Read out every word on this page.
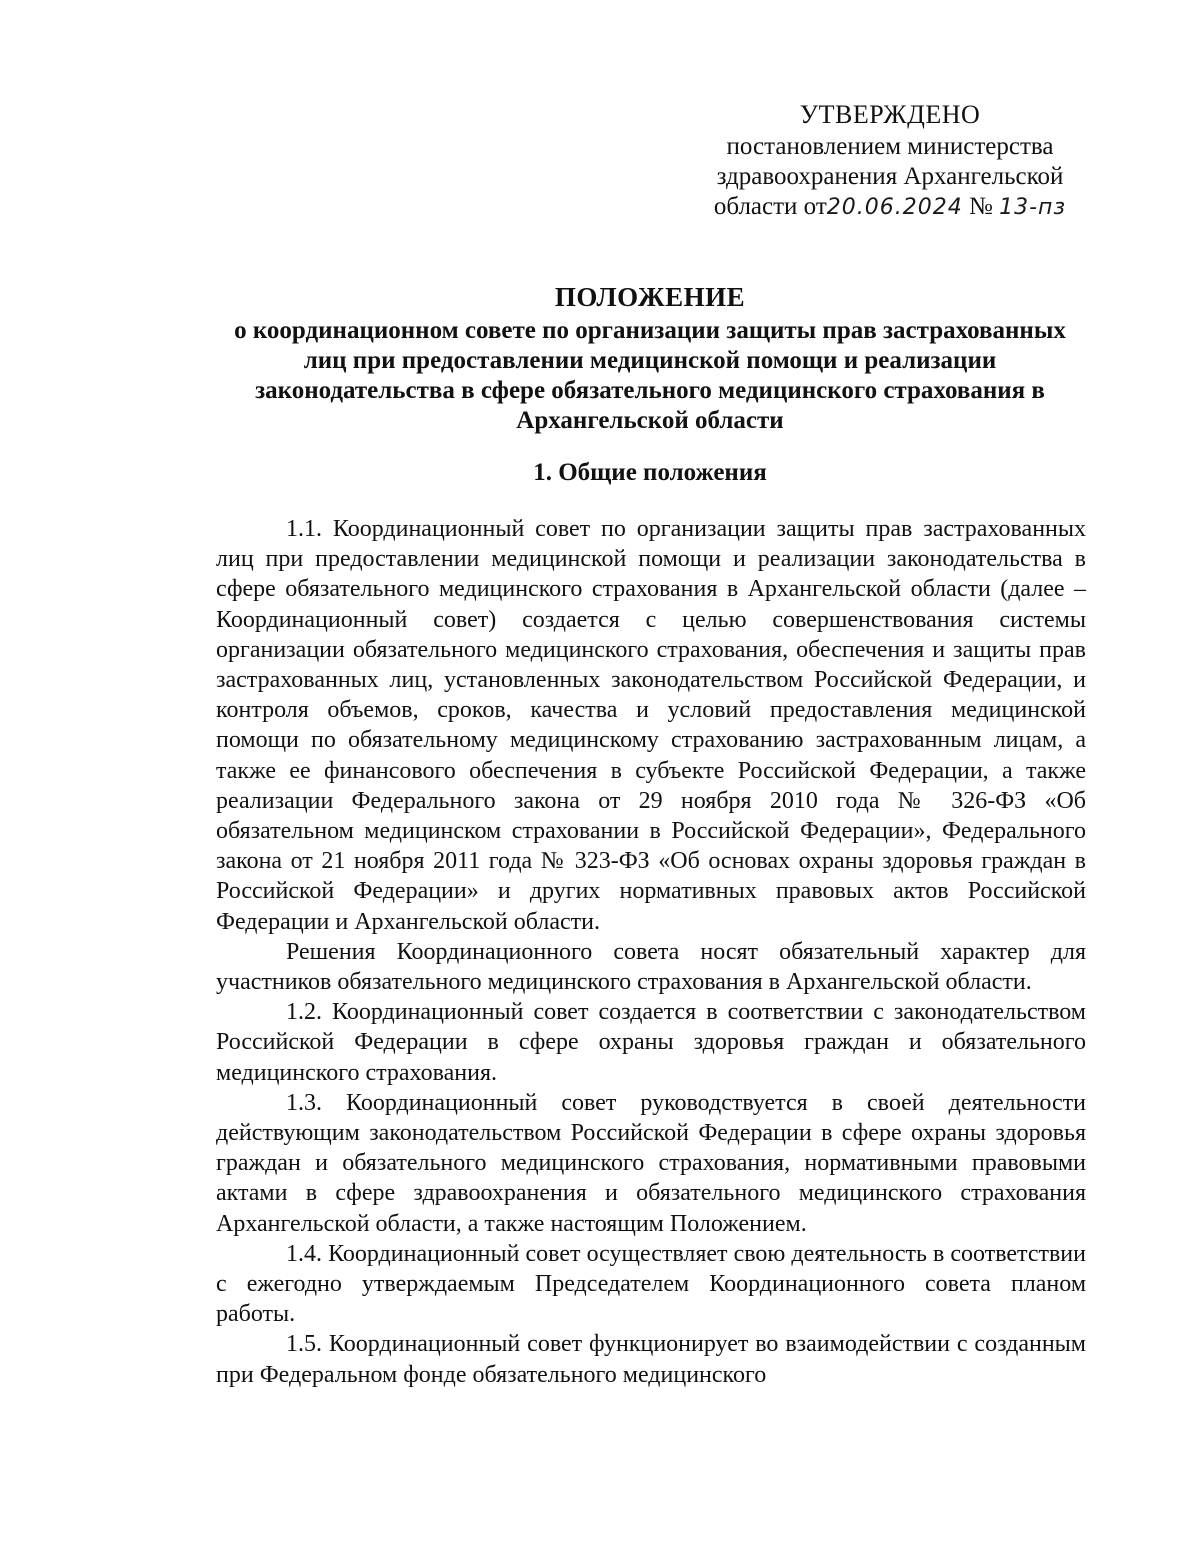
УТВЕРЖДЕНО
постановлением министерства
здравоохранения Архангельской
области от20.06.2024 № 13-пз
ПОЛОЖЕНИЕ
о координационном совете по организации защиты прав застрахованных лиц при предоставлении медицинской помощи и реализации законодательства в сфере обязательного медицинского страхования в Архангельской области
1. Общие положения

1.1. Координационный совет по организации защиты прав застрахованных лиц при предоставлении медицинской помощи и реализации законодательства в сфере обязательного медицинского страхования в Архангельской области (далее – Координационный совет) создается с целью совершенствования системы организации обязательного медицинского страхования, обеспечения и защиты прав застрахованных лиц, установленных законодательством Российской Федерации, и контроля объемов, сроков, качества и условий предоставления медицинской помощи по обязательному медицинскому страхованию застрахованным лицам, а также ее финансового обеспечения в субъекте Российской Федерации, а также реализации Федерального закона от 29 ноября 2010 года № 326-ФЗ «Об обязательном медицинском страховании в Российской Федерации», Федерального закона от 21 ноября 2011 года № 323-ФЗ «Об основах охраны здоровья граждан в Российской Федерации» и других нормативных правовых актов Российской Федерации и Архангельской области.

Решения Координационного совета носят обязательный характер для участников обязательного медицинского страхования в Архангельской области.

1.2. Координационный совет создается в соответствии с законодательством Российской Федерации в сфере охраны здоровья граждан и обязательного медицинского страхования.

1.3. Координационный совет руководствуется в своей деятельности действующим законодательством Российской Федерации в сфере охраны здоровья граждан и обязательного медицинского страхования, нормативными правовыми актами в сфере здравоохранения и обязательного медицинского страхования Архангельской области, а также настоящим Положением.

1.4. Координационный совет осуществляет свою деятельность в соответствии с ежегодно утверждаемым Председателем Координационного совета планом работы.

1.5. Координационный совет функционирует во взаимодействии с созданным при Федеральном фонде обязательного медицинского
